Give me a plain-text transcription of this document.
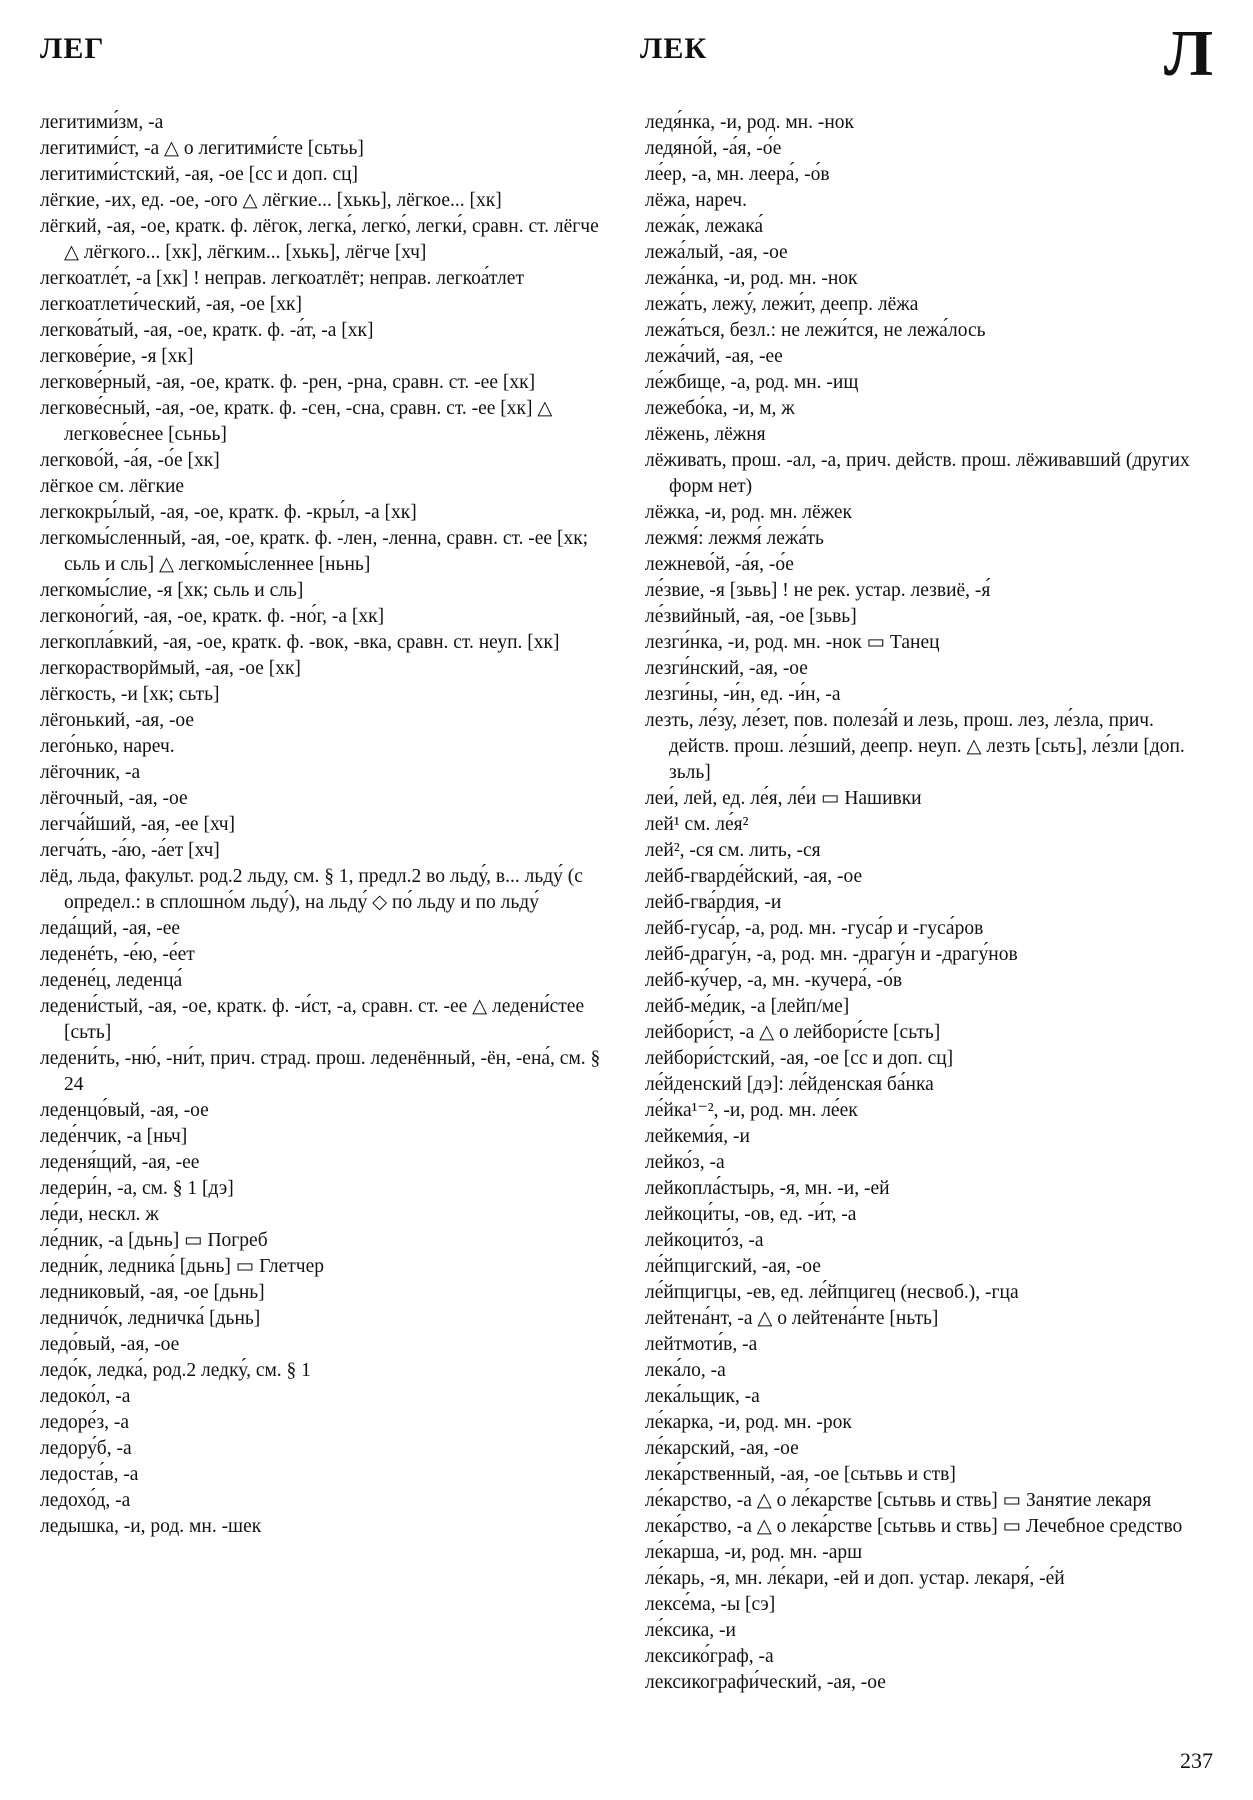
ЛЕГ	ЛЕК	Л
легитими́зм, -а
легитими́ст, -а △ о легитими́сте [сьтьь]
легитими́стский, -ая, -ое [сс и доп. сц]
лёгкие, -их, ед. -ое, -ого △ лёгкие... [хькь], лёгкое... [хк]
лёгкий, -ая, -ое, кратк. ф. лёгок, легка́, легко́, легки́, сравн. ст. лёгче △ лёгкого... [хк], лёгким... [хькь], лёгче [хч]
легкоатле́т, -а [хк] ! неправ. легкоатлёт; неправ. легкоа́тлет
легкоатлети́ческий, -ая, -ое [хк]
легкова́тый, -ая, -ое, кратк. ф. -а́т, -а [хк]
легкове́рие, -я [хк]
легкове́рный, -ая, -ое, кратк. ф. -рен, -рна, сравн. ст. -ее [хк]
легкове́сный, -ая, -ое, кратк. ф. -сен, -сна, сравн. ст. -ее [хк] △ легкове́снее [сьньь]
легково́й, -а́я, -о́е [хк]
лёгкое см. лёгкие
легкокры́лый, -ая, -ое, кратк. ф. -кры́л, -а [хк]
легкомы́сленный, -ая, -ое, кратк. ф. -лен, -ленна, сравн. ст. -ее [хк; сьль и сль] △ легкомы́сленнее [ньнь]
легкомы́слие, -я [хк; сьль и сль]
легконо́гий, -ая, -ое, кратк. ф. -но́г, -а [хк]
легкопла́вкий, -ая, -ое, кратк. ф. -вок, -вка, сравн. ст. неуп. [хк]
легкорастворймый, -ая, -ое [хк]
лёгкость, -и [хк; сьть]
лёгонький, -ая, -ое
лего́нько, нареч.
лёгочник, -а
лёгочный, -ая, -ое
легча́йший, -ая, -ее [хч]
легча́ть, -а́ю, -а́ет [хч]
лёд, льда, факульт. род.2 льду, см. § 1, предл.2 во льду́, в... льду́ (с определ.: в сплошно́м льду́), на льду́ ◇ по́ льду и по льду́
леда́щий, -ая, -ее
леденéть, -е́ю, -е́ет
ледене́ц, леденца́
ледени́стый, -ая, -ое, кратк. ф. -и́ст, -а, сравн. ст. -ее △ ледени́стее [сьть]
ледени́ть, -ню́, -ни́т, прич. страд. прош. леденённый, -ён, -ена́, см. § 24
леденцо́вый, -ая, -ое
леде́нчик, -а [ньч]
леденя́щий, -ая, -ее
ледери́н, -а, см. § 1 [дэ]
ле́ди, нескл. ж
ле́дник, -а [дьнь] ▭ Погреб
ледни́к, ледника́ [дьнь] ▭ Глетчер
ледниковый, -ая, -ое [дьнь]
ледничо́к, ледничка́ [дьнь]
ледо́вый, -ая, -ое
ледо́к, ледка́, род.2 ледку́, см. § 1
ледоко́л, -а
ледоре́з, -а
ледору́б, -а
ледоста́в, -а
ледохо́д, -а
ледышка, -и, род. мн. -шек
ледя́нка, -и, род. мн. -нок
ледяно́й, -а́я, -о́е
ле́ер, -а, мн. леера́, -о́в
лёжа, нареч.
лежа́к, лежака́
лежа́лый, -ая, -ое
лежа́нка, -и, род. мн. -нок
лежа́ть, лежу́, лежи́т, деепр. лёжа
лежа́ться, безл.: не лежи́тся, не лежа́лось
лежа́чий, -ая, -ее
ле́жбище, -а, род. мн. -ищ
лежебо́ка, -и, м, ж
лёжень, лёжня
лёживать, прош. -ал, -а, прич. действ. прош. лёживавший (других форм нет)
лёжка, -и, род. мн. лёжек
лежмя́: лежмя́ лежа́ть
лежнево́й, -а́я, -о́е
ле́звие, -я [зьвь] ! не рек. устар. лезвиё, -я́
ле́звийный, -ая, -ое [зьвь]
лезги́нка, -и, род. мн. -нок ▭ Танец
лезги́нский, -ая, -ое
лезги́ны, -и́н, ед. -и́н, -а
лезть, ле́зу, ле́зет, пов. полеза́й и лезь, прош. лез, ле́зла, прич. действ. прош. ле́зший, деепр. неуп. △ лезть [сьть], ле́зли [доп. зьль]
леи́, лей, ед. ле́я, ле́и ▭ Нашивки
лей¹ см. ле́я²
лей², -ся см. лить, -ся
лейб-гварде́йский, -ая, -ое
лейб-гва́рдия, -и
лейб-гуса́р, -а, род. мн. -гуса́р и -гуса́ров
лейб-драгу́н, -а, род. мн. -драгу́н и -драгу́нов
лейб-ку́чер, -а, мн. -кучера́, -о́в
лейб-ме́дик, -а [лейп/ме]
лейбори́ст, -а △ о лейбори́сте [сьть]
лейбори́стский, -ая, -ое [сс и доп. сц]
ле́йденский [дэ]: ле́йденская ба́нка
ле́йка¹⁻², -и, род. мн. ле́ек
лейкеми́я, -и
лейко́з, -а
лейкопла́стырь, -я, мн. -и, -ей
лейкоци́ты, -ов, ед. -и́т, -а
лейкоцито́з, -а
ле́йпцигский, -ая, -ое
ле́йпцигцы, -ев, ед. ле́йпцигец (несвоб.), -гца
лейтена́нт, -а △ о лейтена́нте [ньть]
лейтмоти́в, -а
лека́ло, -а
лека́льщик, -а
ле́карка, -и, род. мн. -рок
ле́карский, -ая, -ое
лека́рственный, -ая, -ое [сьтьвь и ств]
ле́карство, -а △ о ле́карстве [сьтьвь и ствь] ▭ Занятие лекаря
лека́рство, -а △ о лека́рстве [сьтьвь и ствь] ▭ Лечебное средство
ле́карша, -и, род. мн. -арш
ле́карь, -я, мн. ле́кари, -ей и доп. устар. лекаря́, -е́й
лексе́ма, -ы [сэ]
ле́ксика, -и
лексико́граф, -а
лексикографи́ческий, -ая, -ое
237
